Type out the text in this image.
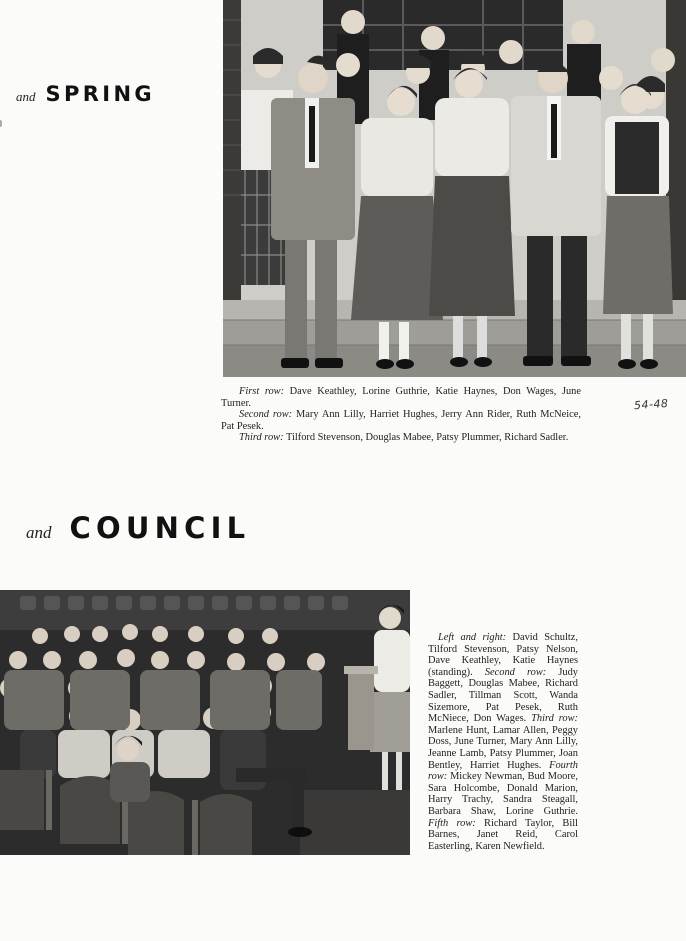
and SPRING

First row: Dave Keathley, Lorine Guthrie, Katie Haynes, Don Wages, June Turner.

Second row: Mary Ann Lilly, Harriet Hughes, Jerry Ann Rider, Ruth McNeice, Pat Pesek.

Third row: Tilford Stevenson, Douglas Mabee, Patsy Plummer, Richard Sadler.

54-48
and COUNCIL
Left and right: David Schultz, Tilford Stevenson, Patsy Nelson, Dave Keathley, Katie Haynes (standing). Second row: Judy Baggett, Douglas Mabee, Richard Sadler, Tillman Scott, Wanda Sizemore, Pat Pesek, Ruth McNiece, Don Wages. Third row: Marlene Hunt, Lamar Allen, Peggy Doss, June Turner, Mary Ann Lilly, Jeanne Lamb, Patsy Plummer, Joan Bentley, Harriet Hughes. Fourth row: Mickey Newman, Bud Moore, Sara Holcombe, Donald Marion, Harry Trachy, Sandra Steagall, Barbara Shaw, Lorine Guthrie. Fifth row: Richard Taylor, Bill Barnes, Janet Reid, Carol Easterling, Karen Newfield.
